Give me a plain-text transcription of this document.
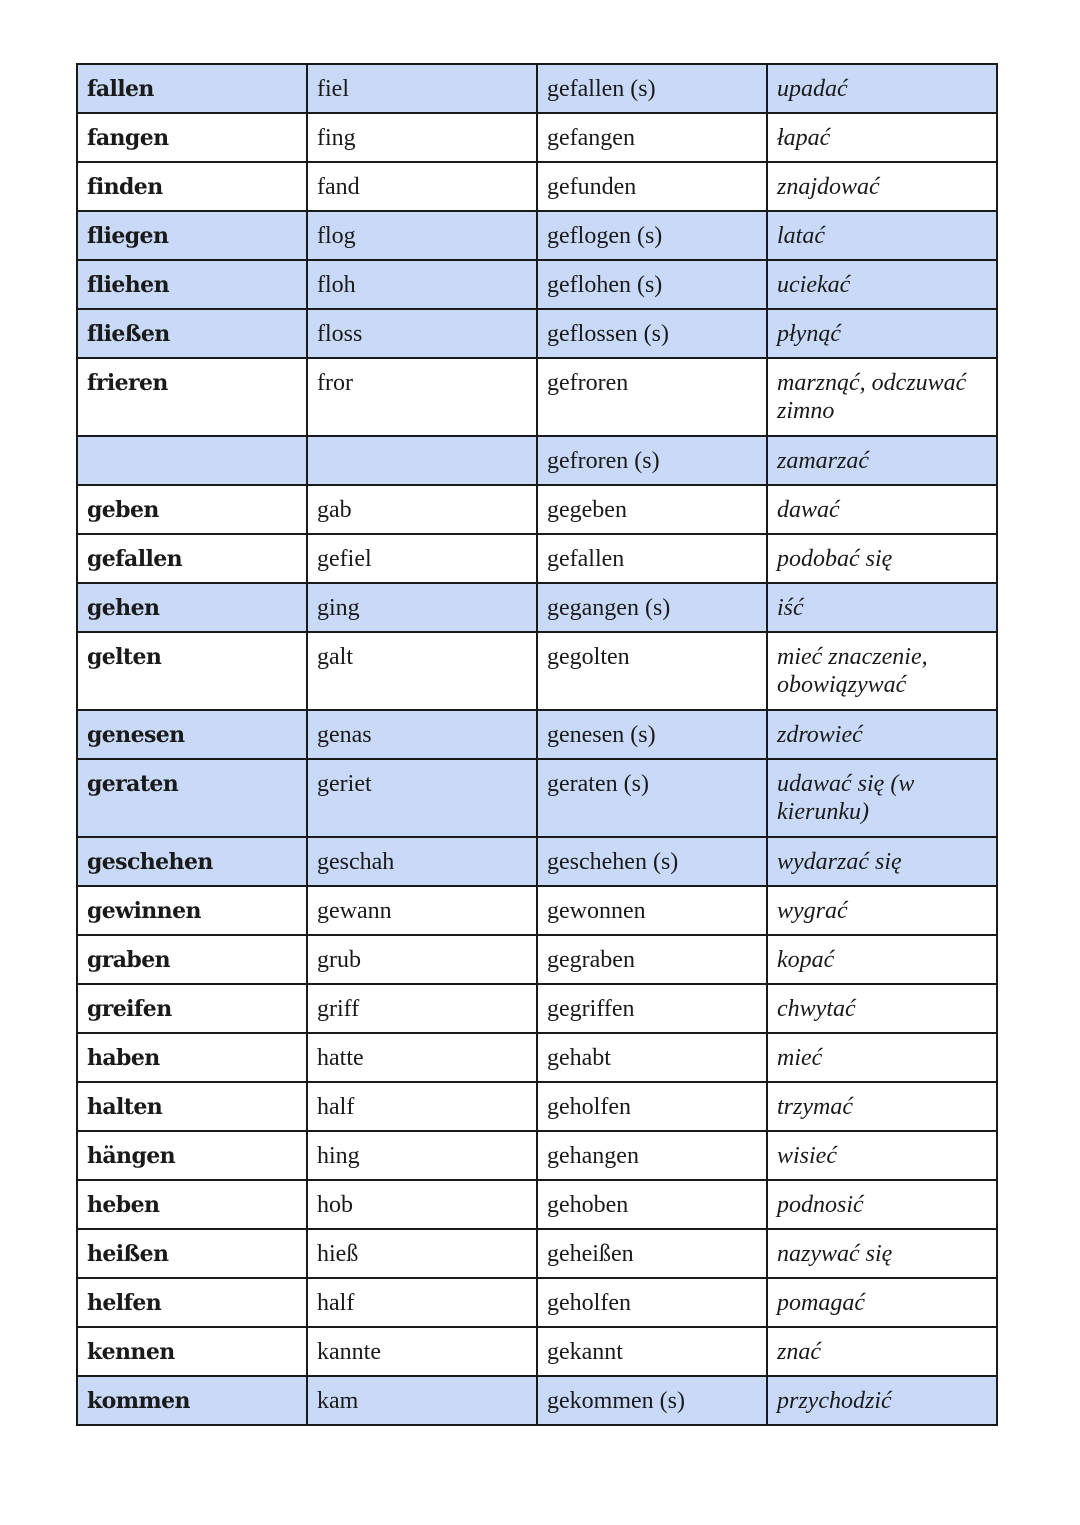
fallen	fiel	gefallen (s)	upadać
fangen	fing	gefangen	łapać
finden	fand	gefunden	znajdować
fliegen	flog	geflogen (s)	latać
fliehen	floh	geflohen (s)	uciekać
fließen	floss	geflossen (s)	płynąć
frieren	fror	gefroren	marznąć, odczuwać zimno
		gefroren (s)	zamarzać
geben	gab	gegeben	dawać
gefallen	gefiel	gefallen	podobać się
gehen	ging	gegangen (s)	iść
gelten	galt	gegolten	mieć znaczenie, obowiązywać
genesen	genas	genesen (s)	zdrowieć
geraten	geriet	geraten (s)	udawać się (w kierunku)
geschehen	geschah	geschehen (s)	wydarzać się
gewinnen	gewann	gewonnen	wygrać
graben	grub	gegraben	kopać
greifen	griff	gegriffen	chwytać
haben	hatte	gehabt	mieć
halten	half	geholfen	trzymać
hängen	hing	gehangen	wisieć
heben	hob	gehoben	podnosić
heißen	hieß	geheißen	nazywać się
helfen	half	geholfen	pomagać
kennen	kannte	gekannt	znać
kommen	kam	gekommen (s)	przychodzić
